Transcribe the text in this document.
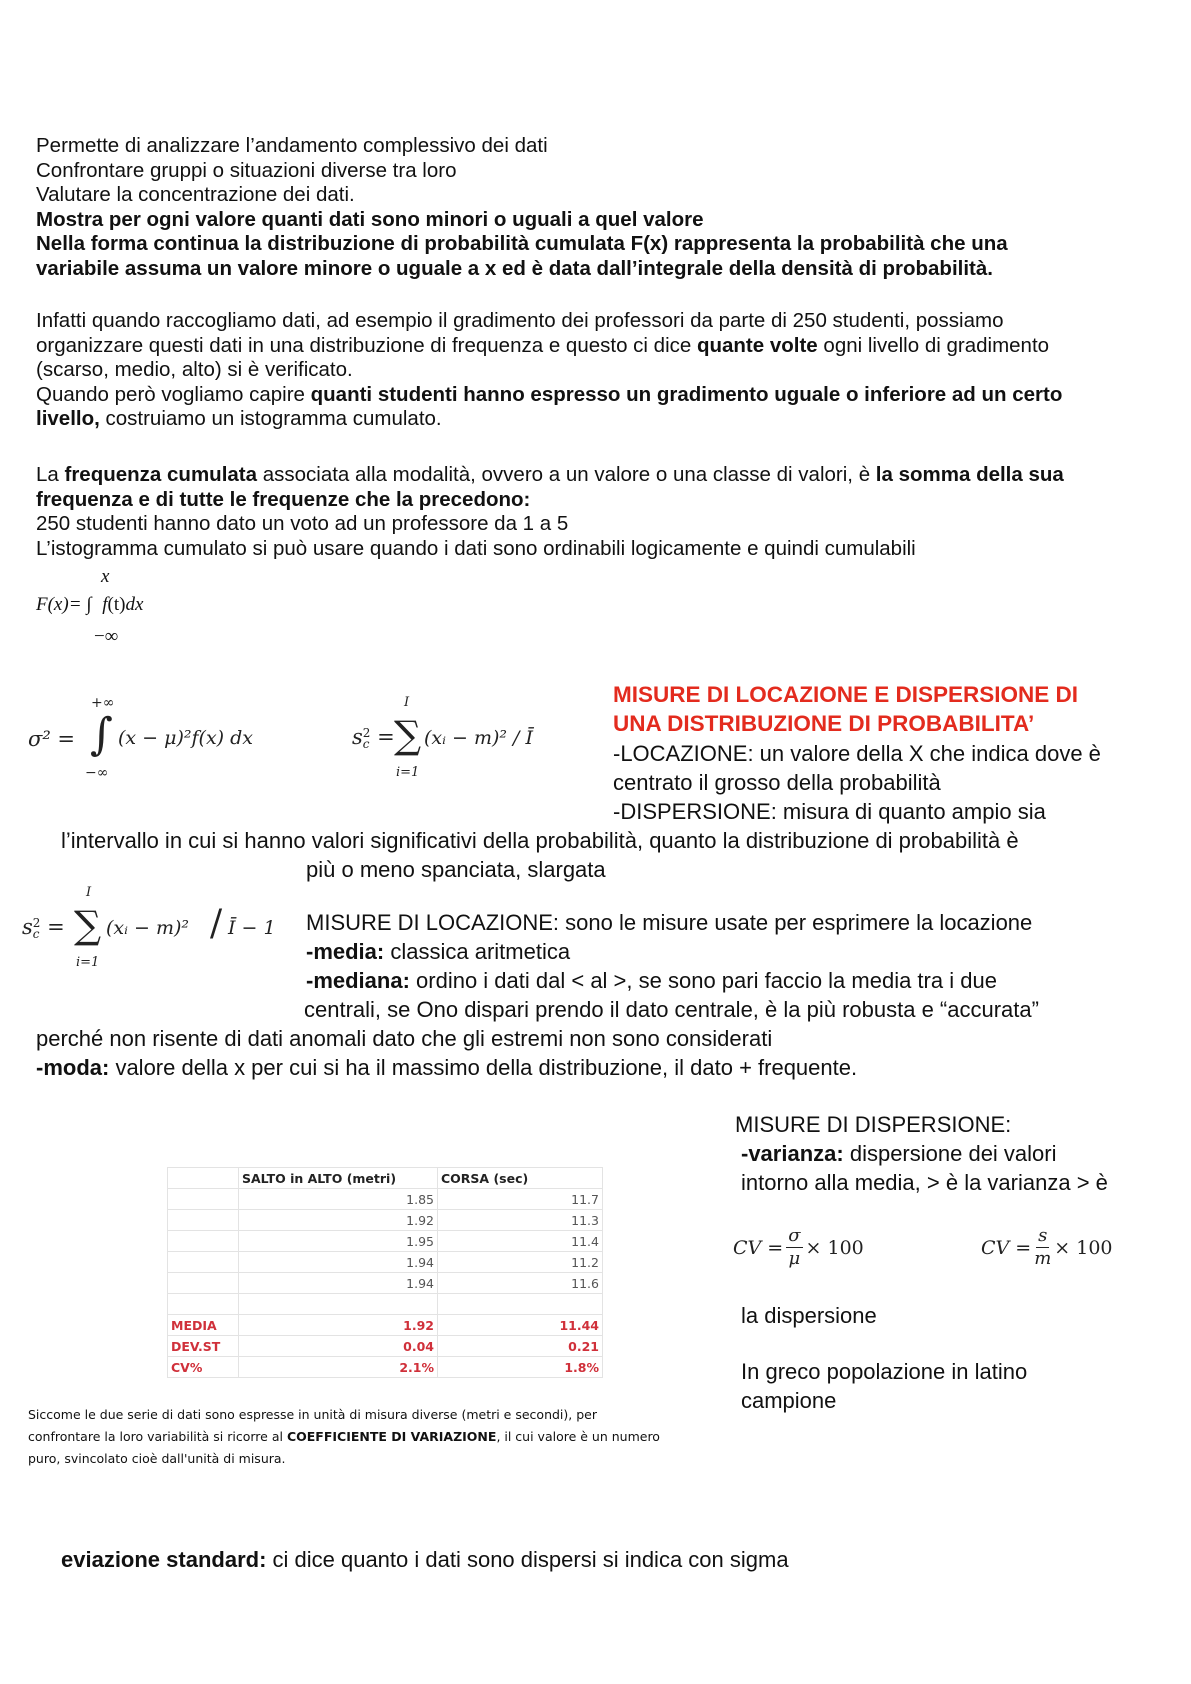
Permette di analizzare l’andamento complessivo dei dati
Confrontare gruppi o situazioni diverse tra loro
Valutare la concentrazione dei dati.
Mostra per ogni valore quanti dati sono minori o uguali a quel valore
Nella forma continua la distribuzione di probabilità cumulata F(x) rappresenta la probabilità che una
variabile assuma un valore minore o uguale a x ed è data dall’integrale della densità di probabilità.
Infatti quando raccogliamo dati, ad esempio il gradimento dei professori da parte di 250 studenti, possiamo
organizzare questi dati in una distribuzione di frequenza e questo ci dice quante volte ogni livello di gradimento
(scarso, medio, alto) si è verificato.
Quando però vogliamo capire quanti studenti hanno espresso un gradimento uguale o inferiore ad un certo
livello, costruiamo un istogramma cumulato.
La frequenza cumulata associata alla modalità, ovvero a un valore o una classe di valori, è la somma della sua
frequenza e di tutte le frequenze che la precedono:
250 studenti hanno dato un voto ad un professore da 1 a 5
L’istogramma cumulato si può usare quando i dati sono ordinabili logicamente e quindi cumulabili
x
F(x)= ∫ f(t)dx
−∞
+∞
σ² = ∫ (x − μ)²f(x) dx
−∞
I
s 2
c = ∑ (xᵢ − m)² / Ī
i=1
MISURE DI LOCAZIONE E DISPERSIONE DI
UNA DISTRIBUZIONE DI PROBABILITA’
-LOCAZIONE: un valore della X che indica dove è
centrato il grosso della probabilità
-DISPERSIONE: misura di quanto ampio sia
l’intervallo in cui si hanno valori significativi della probabilità, quanto la distribuzione di probabilità è
più o meno spanciata, slargata
I
s 2
c = ∑ (xᵢ − m)² / Ī − 1
i=1
MISURE DI LOCAZIONE: sono le misure usate per esprimere la locazione
-media: classica aritmetica
-mediana: ordino i dati dal < al >, se sono pari faccio la media tra i due
centrali, se Ono dispari prendo il dato centrale, è la più robusta e “accurata”
perché non risente di dati anomali dato che gli estremi non sono considerati
-moda: valore della x per cui si ha il massimo della distribuzione, il dato + frequente.
MISURE DI DISPERSIONE:
-varianza: dispersione dei valori
intorno alla media, > è la varianza > è
CV = $\frac{\sigma}{\mu} \times 100$	CV = $\frac{s}{m} \times 100$
la dispersione
In greco popolazione in latino
campione
	SALTO in ALTO (metri)	CORSA (sec)
	1.85	11.7
	1.92	11.3
	1.95	11.4
	1.94	11.2
	1.94	11.6

MEDIA	1.92	11.44
DEV.ST	0.04	0.21
CV%	2.1%	1.8%
Siccome le due serie di dati sono espresse in unità di misura diverse (metri e secondi), per
confrontare la loro variabilità si ricorre al COEFFICIENTE DI VARIAZIONE, il cui valore è un numero
puro, svincolato cioè dall'unità di misura.
eviazione standard: ci dice quanto i dati sono dispersi si indica con sigma
